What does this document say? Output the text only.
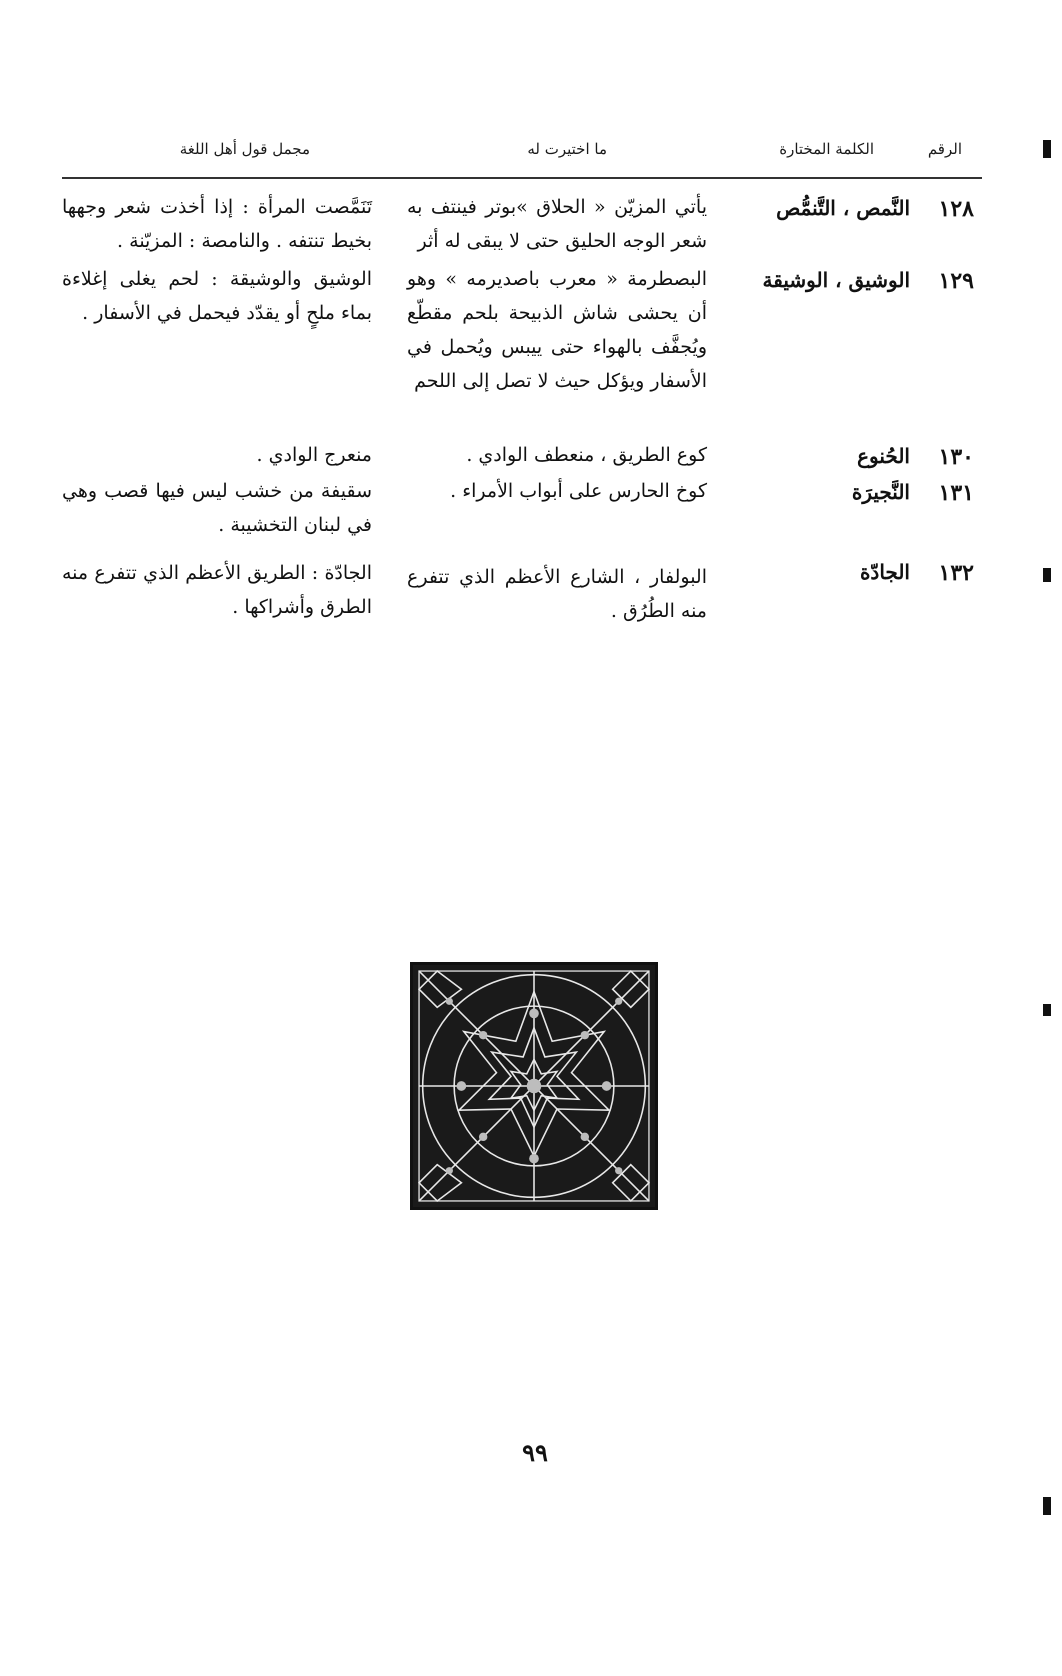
الرقم
الكلمة المختارة
ما اختيرت له
مجمل قول أهل اللغة
١٢٨
النَّمص ، التَّنمُّص
يأتي المزيّن « الحلاق »بوتر فينتف به شعر الوجه الحليق حتى لا يبقى له أثر
تَنَمَّصت المرأة : إذا أخذت شعر وجهها بخيط تنتفه . والنامصة : المزيّنة .
١٢٩
الوشيق ، الوشيقة
البصطرمة « معرب باصديرمه » وهو أن يحشى شاش الذبيحة بلحم مقطّع ويُجفَّف بالهواء حتى ييبس ويُحمل في الأسفار ويؤكل حيث لا تصل إلى اللحم
الوشيق والوشيقة : لحم يغلى إغلاءة بماء ملحٍ أو يقدّد فيحمل في الأسفار .
١٣٠
الحُنوع
كوع الطريق ، منعطف الوادي .
منعرج الوادي .
١٣١
النَّجيرَة
كوخ الحارس على أبواب الأمراء .
سقيفة من خشب ليس فيها قصب وهي في لبنان التخشيبة .
١٣٢
الجادّة
البولفار ، الشارع الأعظم الذي تتفرع منه الطُرُق .
الجادّة : الطريق الأعظم الذي تتفرع منه الطرق وأشراكها .
٩٩
